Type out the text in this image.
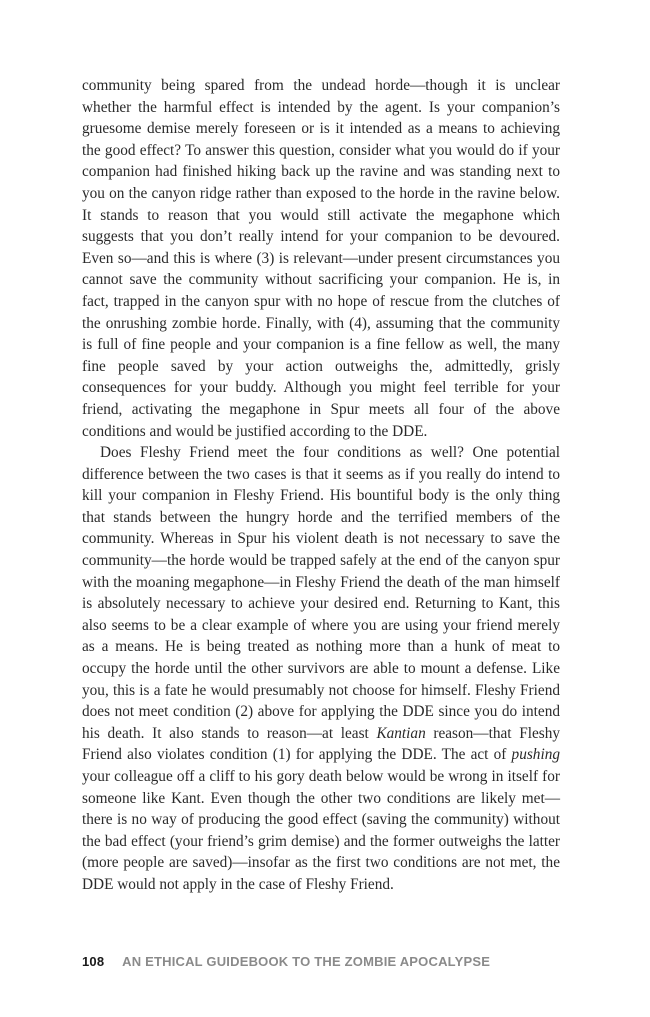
community being spared from the undead horde—though it is unclear whether the harmful effect is intended by the agent. Is your companion’s gruesome demise merely foreseen or is it intended as a means to achieving the good effect? To answer this question, consider what you would do if your companion had finished hiking back up the ravine and was standing next to you on the canyon ridge rather than exposed to the horde in the ravine below. It stands to reason that you would still activate the megaphone which suggests that you don’t really intend for your companion to be devoured. Even so—and this is where (3) is relevant—under present circumstances you cannot save the community without sacrificing your companion. He is, in fact, trapped in the canyon spur with no hope of rescue from the clutches of the onrushing zombie horde. Finally, with (4), assuming that the community is full of fine people and your companion is a fine fellow as well, the many fine people saved by your action outweighs the, admittedly, grisly consequences for your buddy. Although you might feel terrible for your friend, activating the megaphone in Spur meets all four of the above conditions and would be justified according to the DDE.

Does Fleshy Friend meet the four conditions as well? One potential difference between the two cases is that it seems as if you really do intend to kill your companion in Fleshy Friend. His bountiful body is the only thing that stands between the hungry horde and the terrified members of the community. Whereas in Spur his violent death is not necessary to save the community—the horde would be trapped safely at the end of the canyon spur with the moaning megaphone—in Fleshy Friend the death of the man himself is absolutely necessary to achieve your desired end. Returning to Kant, this also seems to be a clear example of where you are using your friend merely as a means. He is being treated as nothing more than a hunk of meat to occupy the horde until the other survivors are able to mount a defense. Like you, this is a fate he would presumably not choose for himself. Fleshy Friend does not meet condition (2) above for applying the DDE since you do intend his death. It also stands to reason—at least Kantian reason—that Fleshy Friend also violates condition (1) for applying the DDE. The act of pushing your colleague off a cliff to his gory death below would be wrong in itself for someone like Kant. Even though the other two conditions are likely met—there is no way of producing the good effect (saving the community) without the bad effect (your friend’s grim demise) and the former outweighs the latter (more people are saved)—insofar as the first two conditions are not met, the DDE would not apply in the case of Fleshy Friend.

108 AN ETHICAL GUIDEBOOK TO THE ZOMBIE APOCALYPSE
